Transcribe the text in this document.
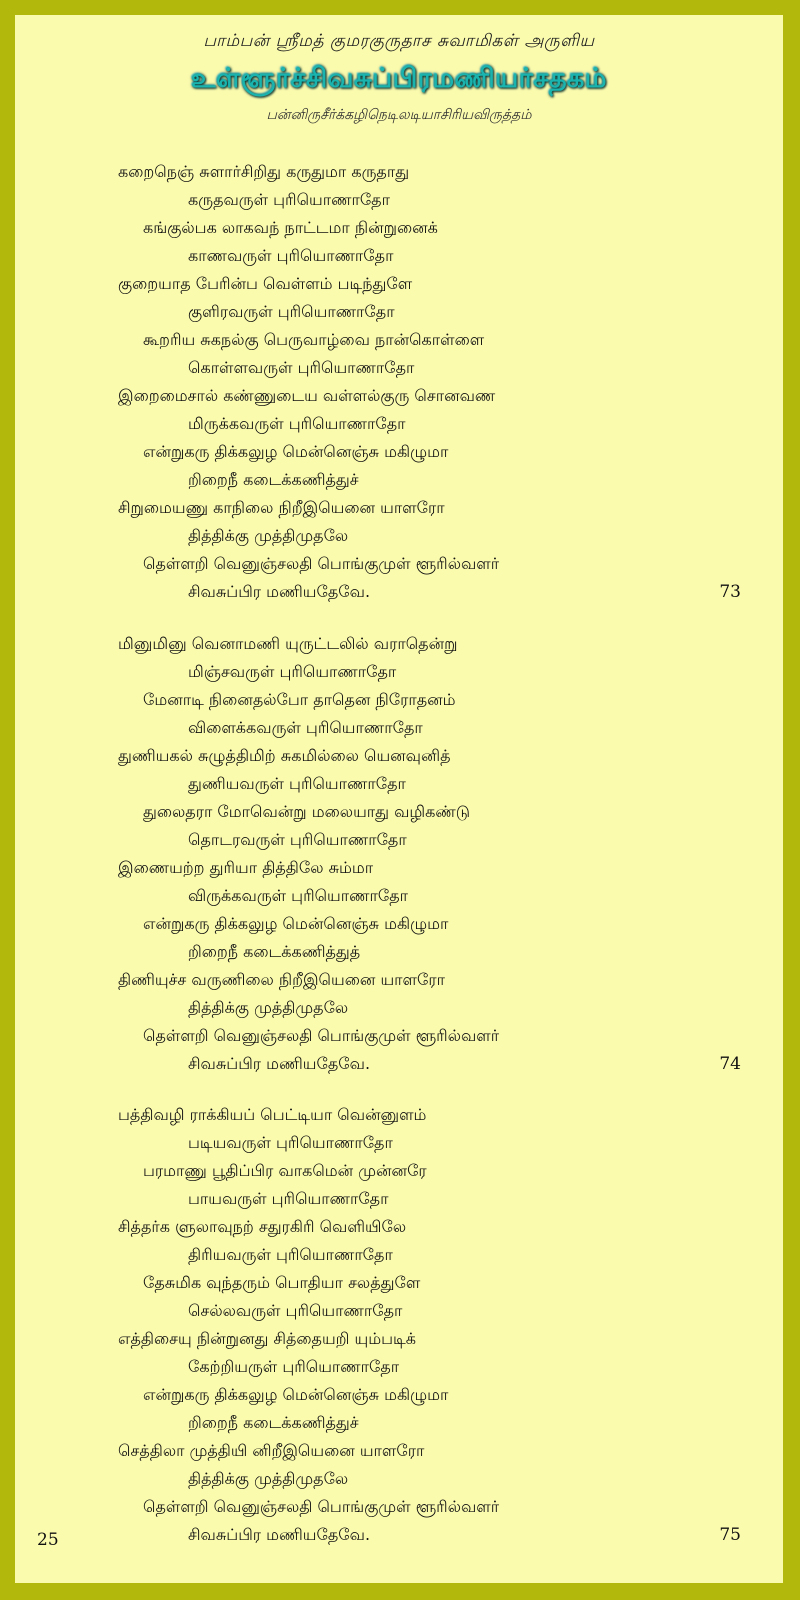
பாம்பன் ஸ்ரீமத் குமரகுருதாச சுவாமிகள் அருளிய
உள்ளூர்ச்சிவசுப்பிரமணியர்சதகம்
பன்னிருசீர்க்கழிநெடிலடியாசிரியவிருத்தம்
கறைநெஞ் சுளார்சிறிது கருதுமா கருதாது
கருதவருள் புரியொணாதோ
கங்குல்பக லாகவந் நாட்டமா நின்றுனைக்
காணவருள் புரியொணாதோ
குறையாத பேரின்ப வெள்ளம் படிந்துளே
குளிரவருள் புரியொணாதோ
கூறரிய சுகநல்கு பெருவாழ்வை நான்கொள்ளை
கொள்ளவருள் புரியொணாதோ
இறைமைசால் கண்ணுடைய வள்ளல்குரு சொனவண
மிருக்கவருள் புரியொணாதோ
என்றுகரு திக்கலுழ மென்னெஞ்சு மகிழுமா
றிறைநீ கடைக்கணித்துச்
சிறுமையணு காநிலை நிறீஇயெனை யாளரோ
தித்திக்கு முத்திமுதலே
தெள்ளறி வெனுஞ்சலதி பொங்குமுள் ளூரில்வளர்
சிவசுப்பிர மணியதேவே.	73
மினுமினு வெனாமணி யுருட்டலில் வராதென்று
மிஞ்சவருள் புரியொணாதோ
மேனாடி நினைதல்போ தாதென நிரோதனம்
விளைக்கவருள் புரியொணாதோ
துணியகல் சுழுத்திமிற் சுகமில்லை யெனவுனித்
துணியவருள் புரியொணாதோ
துலைதரா மோவென்று மலையாது வழிகண்டு
தொடரவருள் புரியொணாதோ
இணையற்ற துரியா தித்திலே சும்மா
விருக்கவருள் புரியொணாதோ
என்றுகரு திக்கலுழ மென்னெஞ்சு மகிழுமா
றிறைநீ கடைக்கணித்துத்
திணியுச்ச வருணிலை நிறீஇயெனை யாளரோ
தித்திக்கு முத்திமுதலே
தெள்ளறி வெனுஞ்சலதி பொங்குமுள் ளூரில்வளர்
சிவசுப்பிர மணியதேவே.	74
பத்திவழி ராக்கியப் பெட்டியா வென்னுளம்
படியவருள் புரியொணாதோ
பரமாணு பூதிப்பிர வாகமென் முன்னரே
பாயவருள் புரியொணாதோ
சித்தர்க ளுலாவுநற் சதுரகிரி வெளியிலே
திரியவருள் புரியொணாதோ
தேசுமிக வுந்தரும் பொதியா சலத்துளே
செல்லவருள் புரியொணாதோ
எத்திசையு நின்றுனது சித்தையறி யும்படிக்
கேற்றியருள் புரியொணாதோ
என்றுகரு திக்கலுழ மென்னெஞ்சு மகிழுமா
றிறைநீ கடைக்கணித்துச்
செத்திலா முத்தியி னிறீஇயெனை யாளரோ
தித்திக்கு முத்திமுதலே
தெள்ளறி வெனுஞ்சலதி பொங்குமுள் ளூரில்வளர்
சிவசுப்பிர மணியதேவே.	75
25
